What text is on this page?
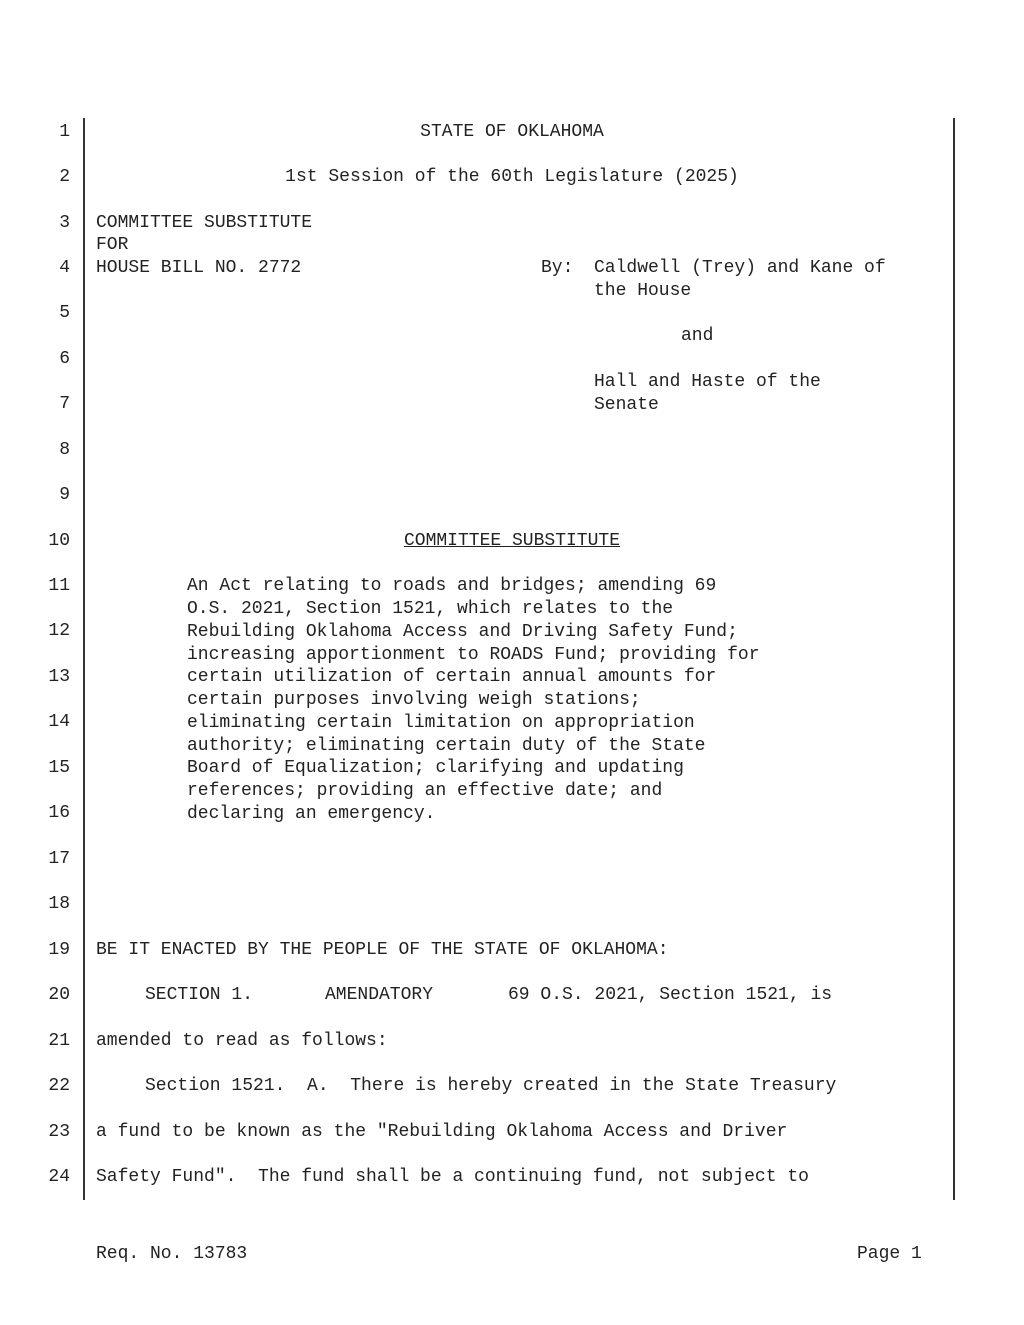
1
2
3
4
5
6
7
8
9
10
11
12
13
14
15
16
17
18
19
20
21
22
23
24
STATE OF OKLAHOMA
1st Session of the 60th Legislature (2025)
COMMITTEE SUBSTITUTE
FOR
HOUSE BILL NO. 2772	By: Caldwell (Trey) and Kane of
the House
and
Hall and Haste of the
Senate
COMMITTEE SUBSTITUTE
An Act relating to roads and bridges; amending 69
O.S. 2021, Section 1521, which relates to the
Rebuilding Oklahoma Access and Driving Safety Fund;
increasing apportionment to ROADS Fund; providing for
certain utilization of certain annual amounts for
certain purposes involving weigh stations;
eliminating certain limitation on appropriation
authority; eliminating certain duty of the State
Board of Equalization; clarifying and updating
references; providing an effective date; and
declaring an emergency.
BE IT ENACTED BY THE PEOPLE OF THE STATE OF OKLAHOMA:
SECTION 1.	AMENDATORY	69 O.S. 2021, Section 1521, is
amended to read as follows:
Section 1521.  A.  There is hereby created in the State Treasury
a fund to be known as the "Rebuilding Oklahoma Access and Driver
Safety Fund".  The fund shall be a continuing fund, not subject to
Req. No. 13783	Page 1
